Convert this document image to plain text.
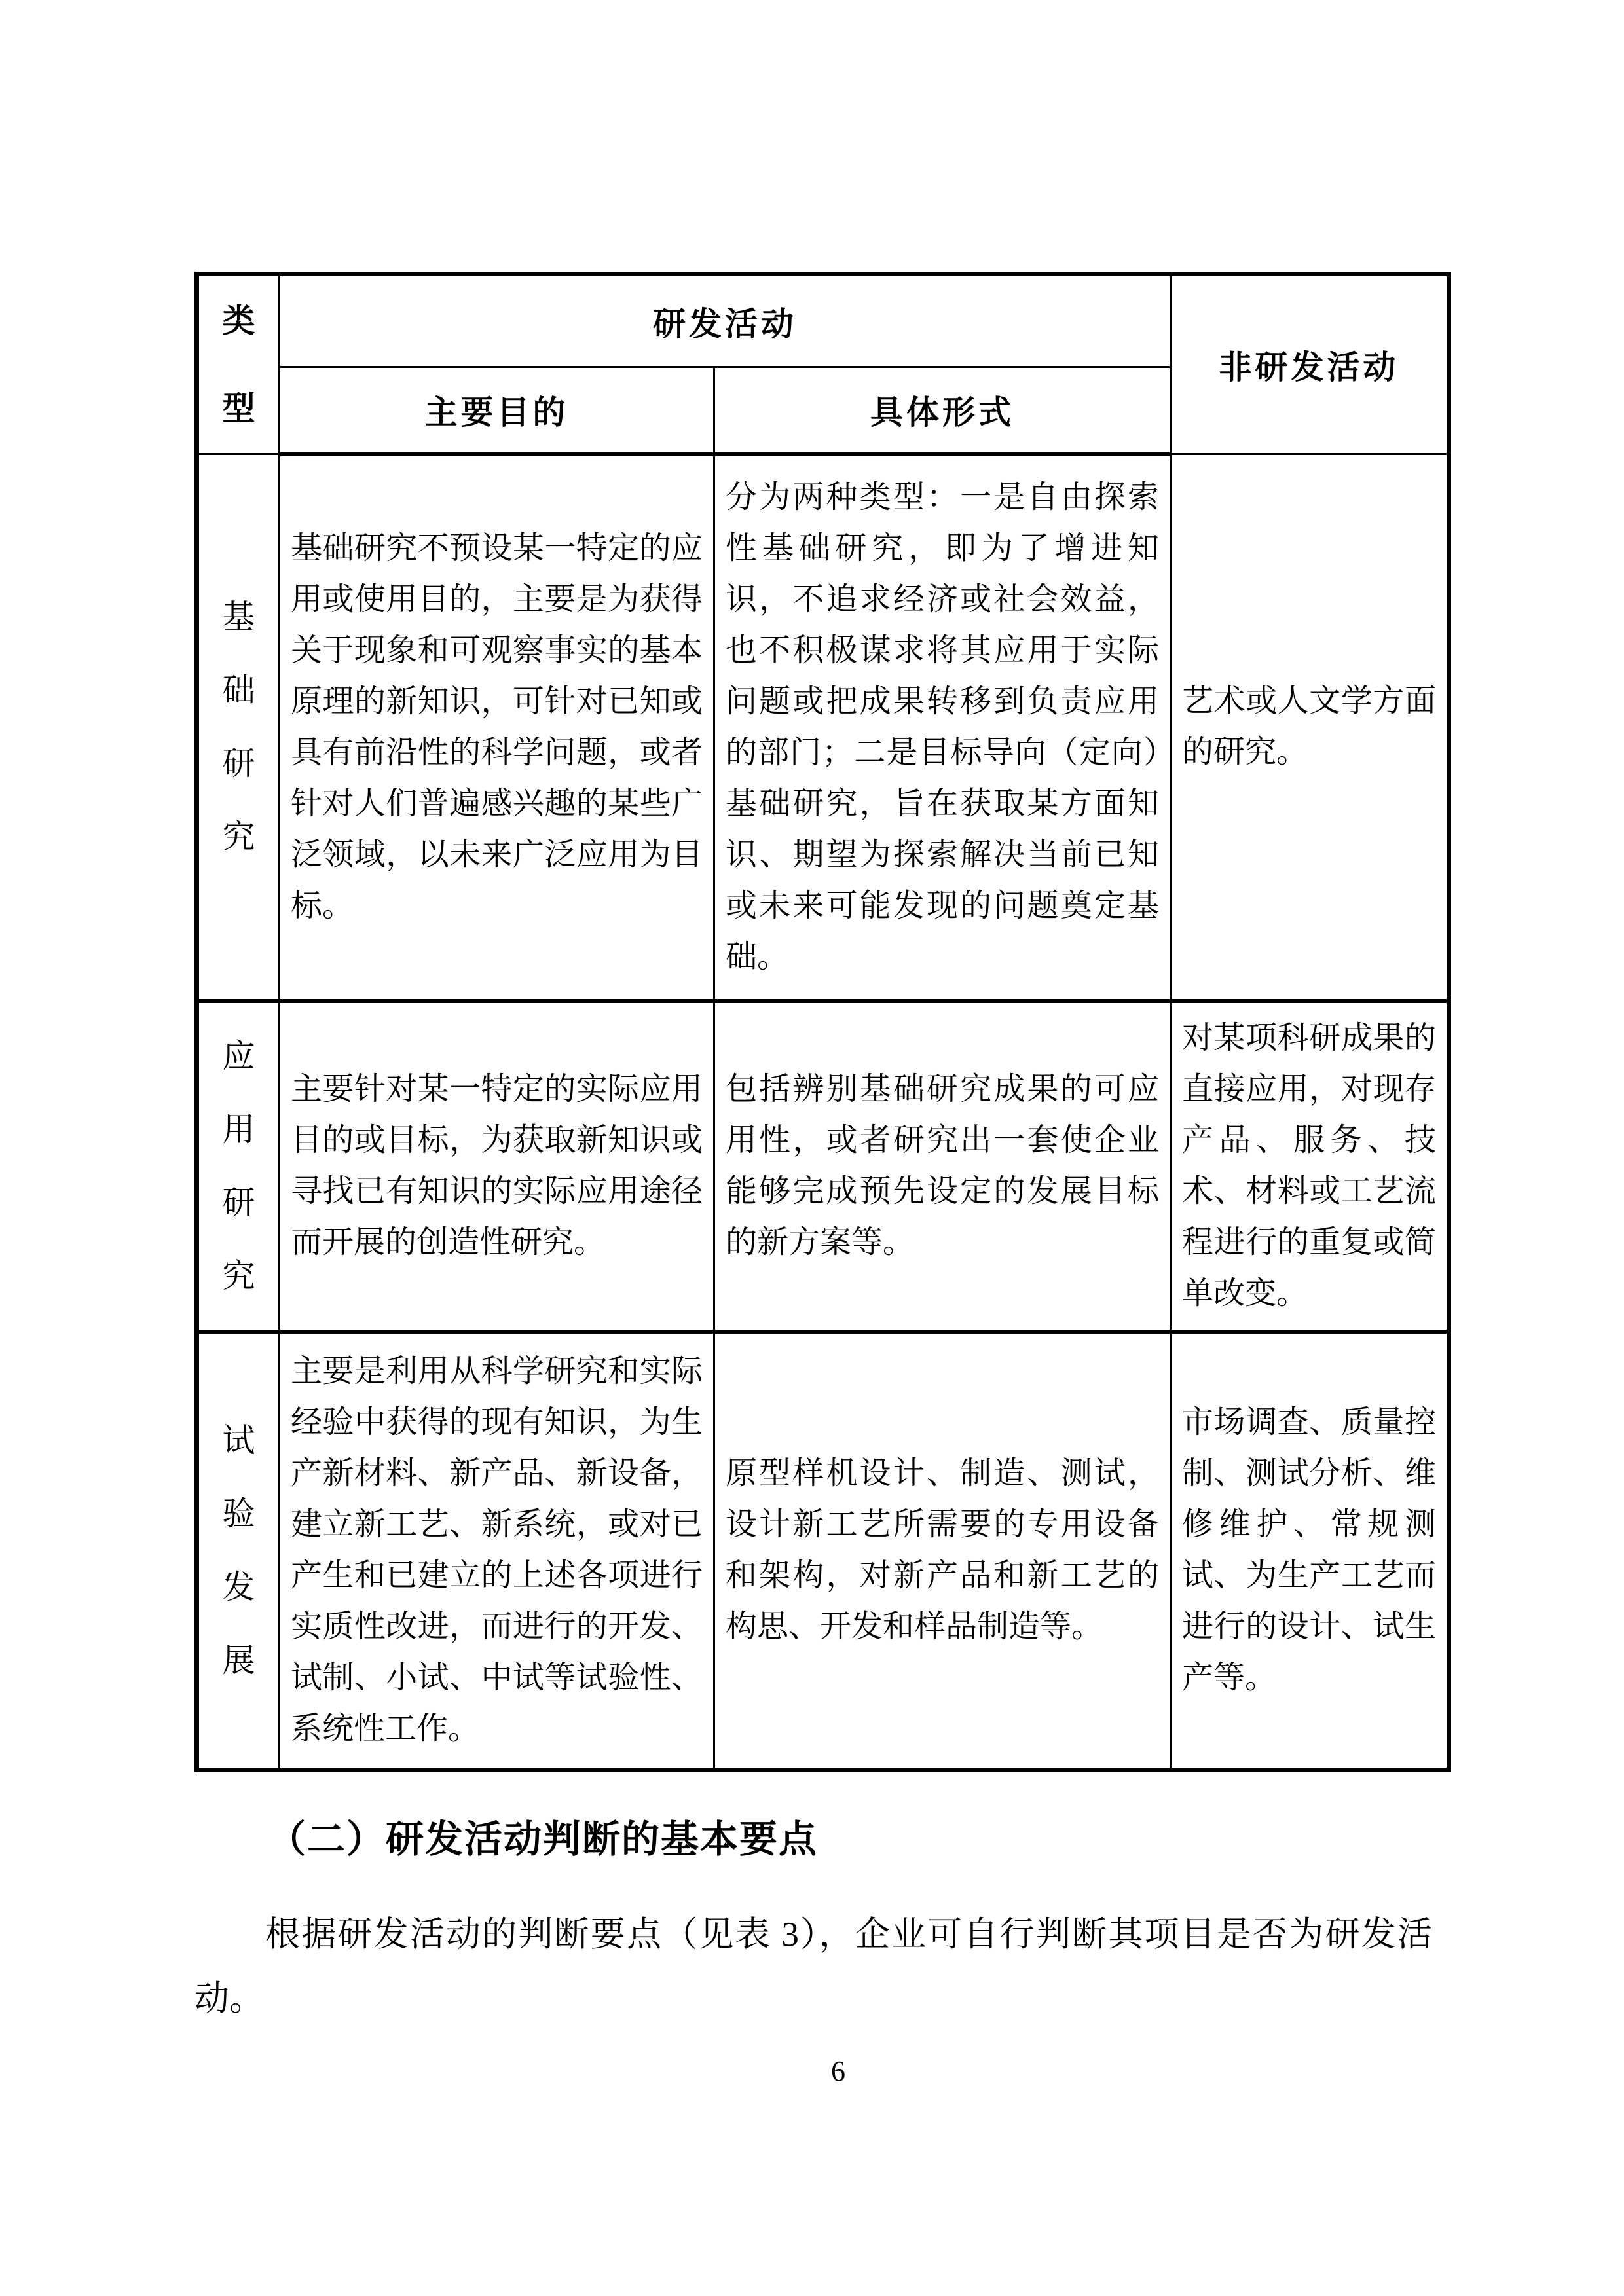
类型	研发活动		非研发活动
	主要目的	具体形式	

基础研究	基础研究不预设某一特定的应用或使用目的，主要是为获得关于现象和可观察事实的基本原理的新知识，可针对已知或具有前沿性的科学问题，或者针对人们普遍感兴趣的某些广泛领域，以未来广泛应用为目标。	分为两种类型：一是自由探索性基础研究，即为了增进知识，不追求经济或社会效益，也不积极谋求将其应用于实际问题或把成果转移到负责应用的部门；二是目标导向（定向）基础研究，旨在获取某方面知识、期望为探索解决当前已知或未来可能发现的问题奠定基础。	艺术或人文学方面的研究。

应用研究	主要针对某一特定的实际应用目的或目标，为获取新知识或寻找已有知识的实际应用途径而开展的创造性研究。	包括辨别基础研究成果的可应用性，或者研究出一套使企业能够完成预先设定的发展目标的新方案等。	对某项科研成果的直接应用，对现存产品、服务、技术、材料或工艺流程进行的重复或简单改变。

试验发展	主要是利用从科学研究和实际经验中获得的现有知识，为生产新材料、新产品、新设备，建立新工艺、新系统，或对已产生和已建立的上述各项进行实质性改进，而进行的开发、试制、小试、中试等试验性、系统性工作。	原型样机设计、制造、测试，设计新工艺所需要的专用设备和架构，对新产品和新工艺的构思、开发和样品制造等。	市场调查、质量控制、测试分析、维修维护、常规测试、为生产工艺而进行的设计、试生产等。
（二）研发活动判断的基本要点
根据研发活动的判断要点（见表 3），企业可自行判断其项目是否为研发活动。
6
